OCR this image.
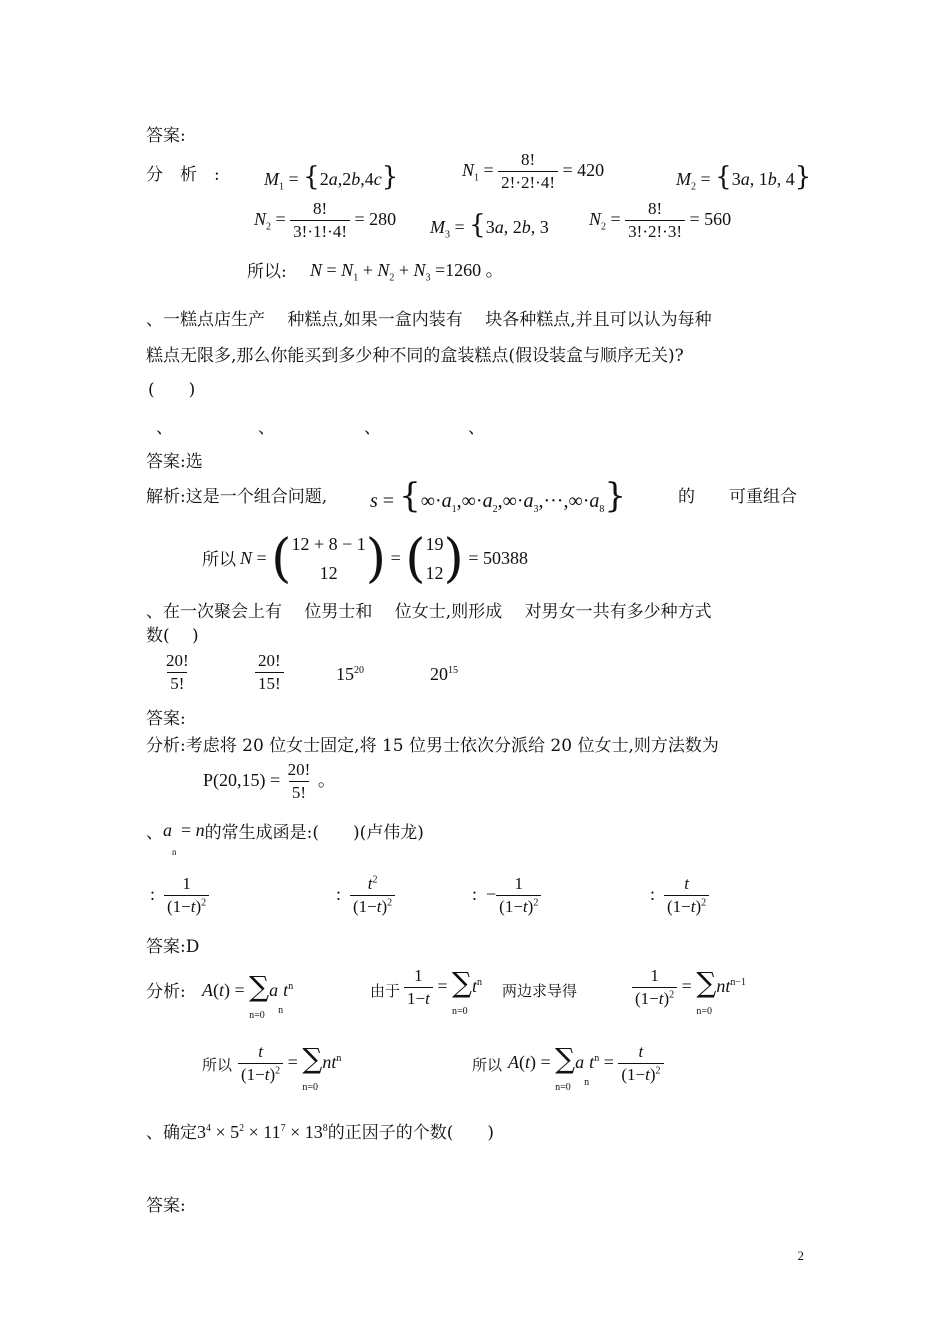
答案:
分　析　: $M_1 = \{2a,2b,4c\}$	$N_1 = \frac{8!}{2!\cdot 2!\cdot 4!} = 420$	$M_2 = \{3a$, 1b, 4}
$N_2 = \frac{8!}{3!\cdot 1!\cdot 4!} = 280$ $M_3 = \{3a$, 2b, 3 $N_2 = \frac{8!}{3!\cdot 2!\cdot 3!} = 560$
所以: $N = N_1 + N_2 + N_3 =1260$ 。
、一糕点店生产　 种糕点,如果一盒内装有　 块各种糕点,并且可以认为每种
糕点无限多,那么你能买到多少种不同的盒装糕点(假设装盒与顺序无关)?
(　　)
、	、	、	、
答案:选
解析:这是一个组合问题, $s = \{\infty\cdot a_1,\infty\cdot a_2,\infty\cdot a_3,\cdot\cdot\cdot,\infty\cdot a_8\}$	的　　可重组合
所以 N = ( 12 + 8 − 1
12 ) = ( 19
12 )
= 50388
、在一次聚会上有　 位男士和　 位女士,则形成　 对男女一共有多少种方式
数(　 )
$\frac{20!}{5!}$	$\frac{20!}{15!}$	$15^{20}$	$20^{15}$
答案:
分析:考虑将 20 位女士固定,将 15 位男士依次分派给 20 位女士,则方法数为
$P(20,15) = \frac{20!}{5!}$ 。
、$a_n = n$的常生成函是:(　　)(卢伟龙)
: $\frac{1}{(1-t)^2}$	: $\frac{t^2}{(1-t)^2}$	:  − $\frac{1}{(1-t)^2}$	: $\frac{t}{(1-t)^2}$
答案:D
分析: A(t) = ∑
n=0
$a_nt^n$	由于 $\frac{1}{1-t}$ = ∑
n=0
$t^n$ 两边求导得	$\frac{1}{(1-t)^2}$ = ∑
n=0
$nt^{n-1}$
所以 $\frac{t}{(1-t)^2}$ = ∑
n=0
$nt^n$	所以 A(t) = ∑
n=0
$a_nt^n = \frac{t}{(1-t)^2}$
、确定$3^4 \times 5^2 \times 11^7 \times 13^8$的正因子的个数(　　)
答案:
2
